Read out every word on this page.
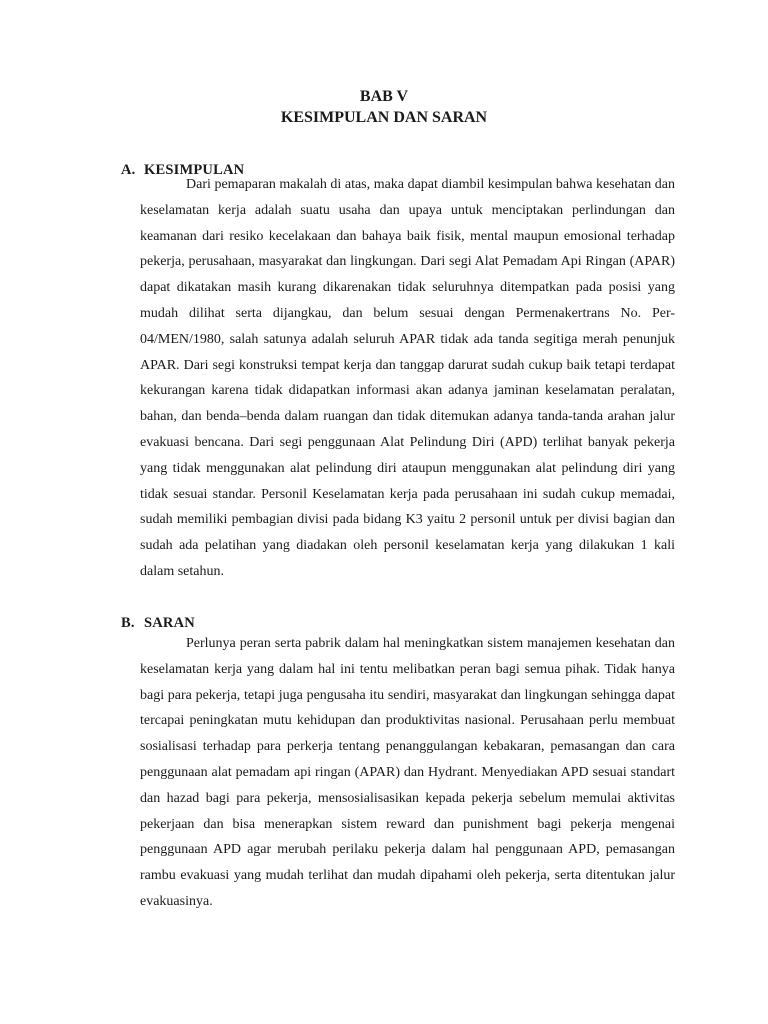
BAB V
KESIMPULAN DAN SARAN
A. KESIMPULAN

Dari pemaparan makalah di atas, maka dapat diambil kesimpulan bahwa kesehatan dan keselamatan kerja adalah suatu usaha dan upaya untuk menciptakan perlindungan dan keamanan dari resiko kecelakaan dan bahaya baik fisik, mental maupun emosional terhadap pekerja, perusahaan, masyarakat dan lingkungan. Dari segi Alat Pemadam Api Ringan (APAR) dapat dikatakan masih kurang dikarenakan tidak seluruhnya ditempatkan pada posisi yang mudah dilihat serta dijangkau, dan belum sesuai dengan Permenakertrans No. Per-04/MEN/1980, salah satunya adalah seluruh APAR tidak ada tanda segitiga merah penunjuk APAR. Dari segi konstruksi tempat kerja dan tanggap darurat sudah cukup baik tetapi terdapat kekurangan karena tidak didapatkan informasi akan adanya jaminan keselamatan peralatan, bahan, dan benda–benda dalam ruangan dan tidak ditemukan adanya tanda-tanda arahan jalur evakuasi bencana. Dari segi penggunaan Alat Pelindung Diri (APD) terlihat banyak pekerja yang tidak menggunakan alat pelindung diri ataupun menggunakan alat pelindung diri yang tidak sesuai standar. Personil Keselamatan kerja pada perusahaan ini sudah cukup memadai, sudah memiliki pembagian divisi pada bidang K3 yaitu 2 personil untuk per divisi bagian dan sudah ada pelatihan yang diadakan oleh personil keselamatan kerja yang dilakukan 1 kali dalam setahun.

B. SARAN

Perlunya peran serta pabrik dalam hal meningkatkan sistem manajemen kesehatan dan keselamatan kerja yang dalam hal ini tentu melibatkan peran bagi semua pihak. Tidak hanya bagi para pekerja, tetapi juga pengusaha itu sendiri, masyarakat dan lingkungan sehingga dapat tercapai peningkatan mutu kehidupan dan produktivitas nasional. Perusahaan perlu membuat sosialisasi terhadap para perkerja tentang penanggulangan kebakaran, pemasangan dan cara penggunaan alat pemadam api ringan (APAR) dan Hydrant. Menyediakan APD sesuai standart dan hazad bagi para pekerja, mensosialisasikan kepada pekerja sebelum memulai aktivitas pekerjaan dan bisa menerapkan sistem reward dan punishment bagi pekerja mengenai penggunaan APD agar merubah perilaku pekerja dalam hal penggunaan APD, pemasangan rambu evakuasi yang mudah terlihat dan mudah dipahami oleh pekerja, serta ditentukan jalur evakuasinya.
